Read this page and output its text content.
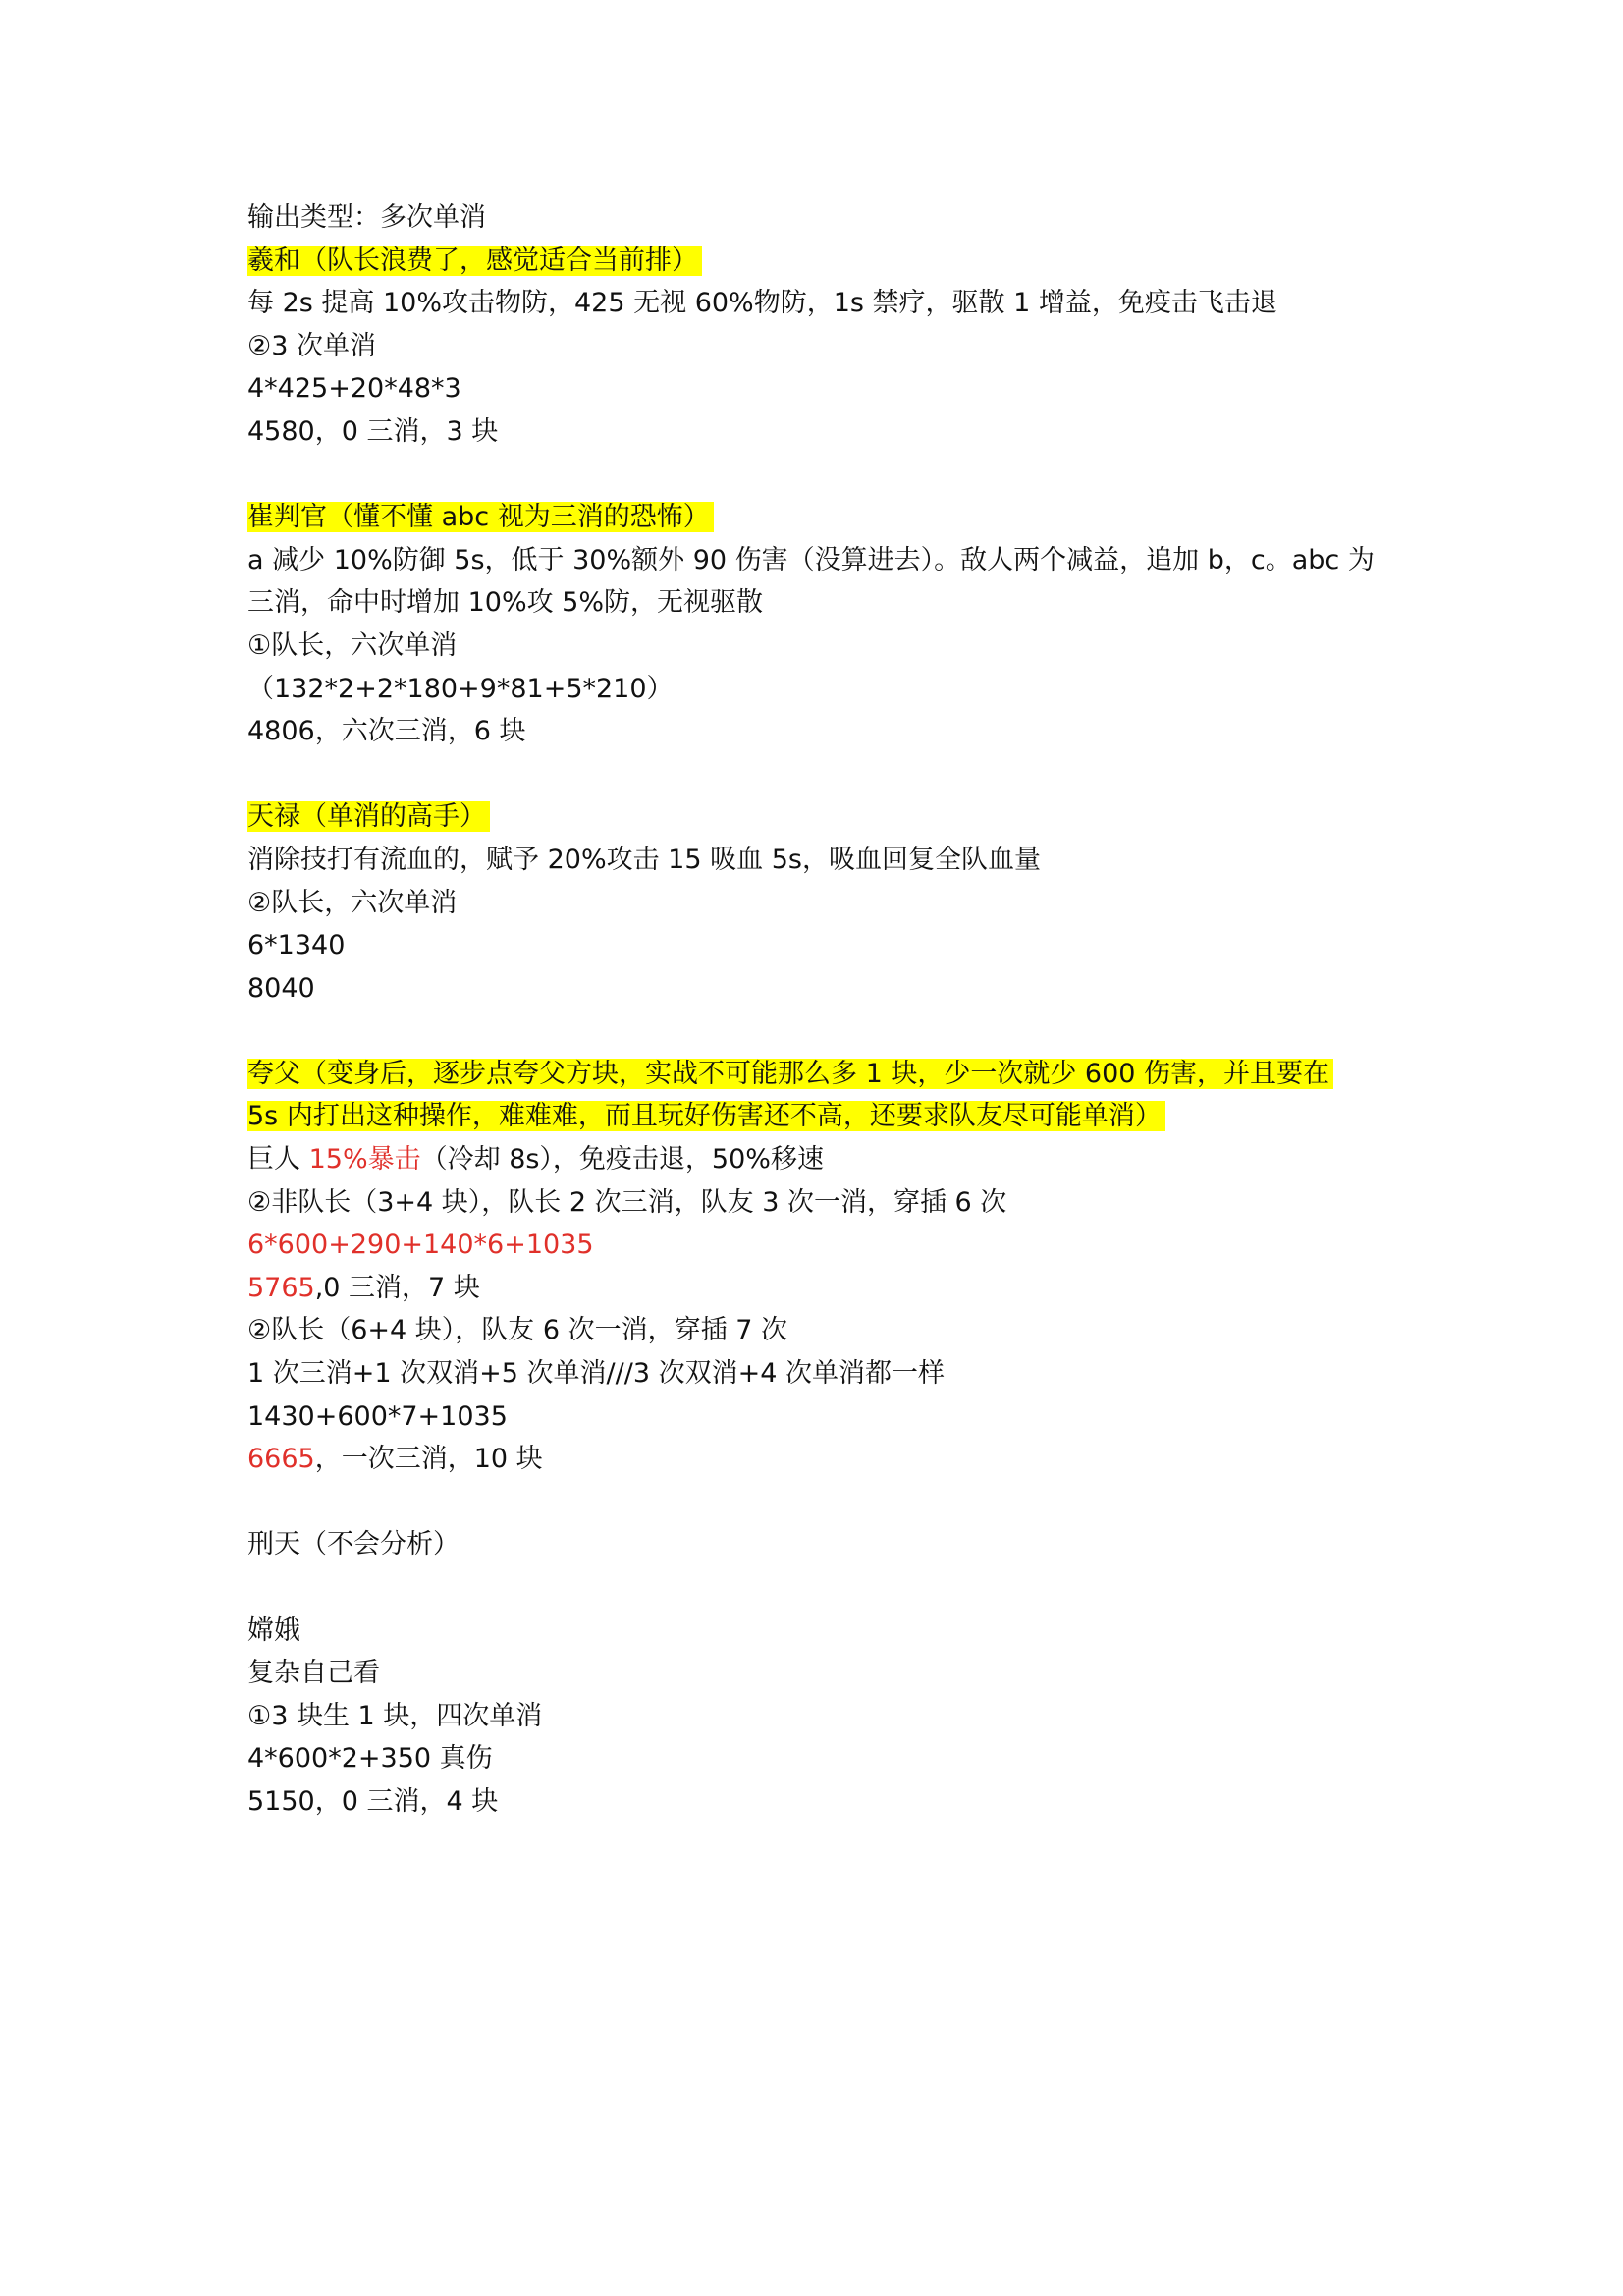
输出类型：多次单消
羲和（队长浪费了，感觉适合当前排）
每 2s 提高 10%攻击物防，425 无视 60%物防，1s 禁疗，驱散 1 增益，免疫击飞击退
②3 次单消
4*425+20*48*3
4580，0 三消，3 块
崔判官（懂不懂 abc 视为三消的恐怖）
a 减少 10%防御 5s，低于 30%额外 90 伤害（没算进去）。敌人两个减益，追加 b，c。abc 为
三消，命中时增加 10%攻 5%防，无视驱散
①队长，六次单消
（132*2+2*180+9*81+5*210）
4806，六次三消，6 块
天禄（单消的高手）
消除技打有流血的，赋予 20%攻击 15 吸血 5s，吸血回复全队血量
②队长，六次单消
6*1340
8040
夸父（变身后，逐步点夸父方块，实战不可能那么多 1 块，少一次就少 600 伤害，并且要在
5s 内打出这种操作，难难难，而且玩好伤害还不高，还要求队友尽可能单消）
巨人 15%暴击（冷却 8s），免疫击退，50%移速
②非队长（3+4 块），队长 2 次三消，队友 3 次一消，穿插 6 次
6*600+290+140*6+1035
5765,0 三消，7 块
②队长（6+4 块），队友 6 次一消，穿插 7 次
1 次三消+1 次双消+5 次单消///3 次双消+4 次单消都一样
1430+600*7+1035
6665，一次三消，10 块
刑天（不会分析）
嫦娥
复杂自己看
①3 块生 1 块，四次单消
4*600*2+350 真伤
5150，0 三消，4 块
